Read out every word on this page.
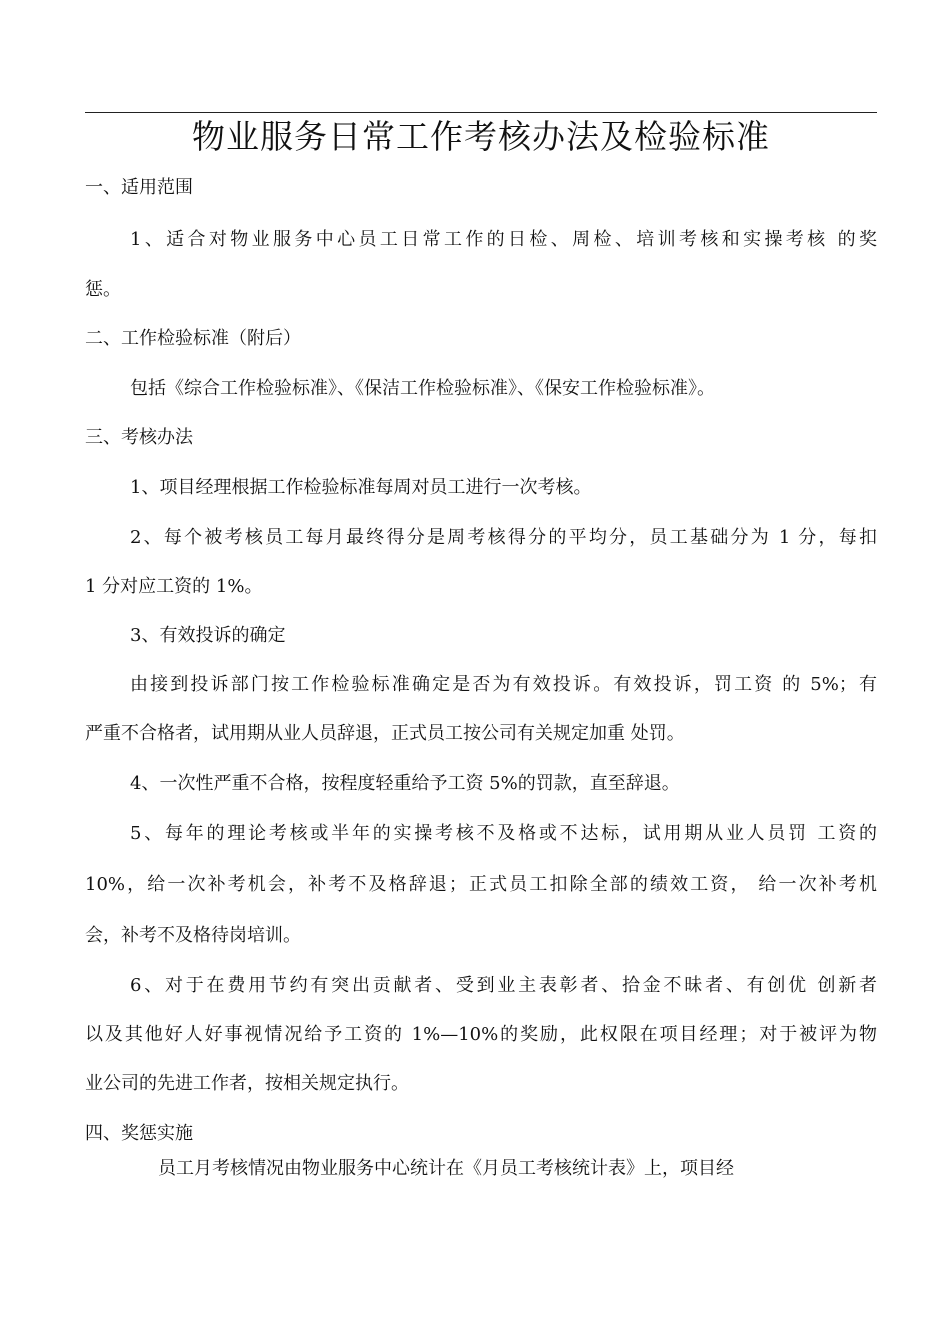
物业服务日常工作考核办法及检验标准
一、适用范围
1、适合对物业服务中心员工日常工作的日检、周检、培训考核和实操考核 的奖
惩。
二、工作检验标准（附后）
包括《综合工作检验标准》、《保洁工作检验标准》、《保安工作检验标准》。
三、考核办法
1、项目经理根据工作检验标准每周对员工进行一次考核。
2、每个被考核员工每月最终得分是周考核得分的平均分，员工基础分为 1 分，每扣
1 分对应工资的 1%。
3、有效投诉的确定
由接到投诉部门按工作检验标准确定是否为有效投诉。有效投诉，罚工资 的 5%；有
严重不合格者，试用期从业人员辞退，正式员工按公司有关规定加重 处罚。
4、一次性严重不合格，按程度轻重给予工资 5%的罚款，直至辞退。
5、每年的理论考核或半年的实操考核不及格或不达标，试用期从业人员罚 工资的
10%，给一次补考机会，补考不及格辞退；正式员工扣除全部的绩效工资， 给一次补考机
会，补考不及格待岗培训。
6、对于在费用节约有突出贡献者、受到业主表彰者、拾金不昧者、有创优 创新者
以及其他好人好事视情况给予工资的 1%—10%的奖励，此权限在项目经理；对于被评为物
业公司的先进工作者，按相关规定执行。
四、奖惩实施
员工月考核情况由物业服务中心统计在《月员工考核统计表》上，项目经
